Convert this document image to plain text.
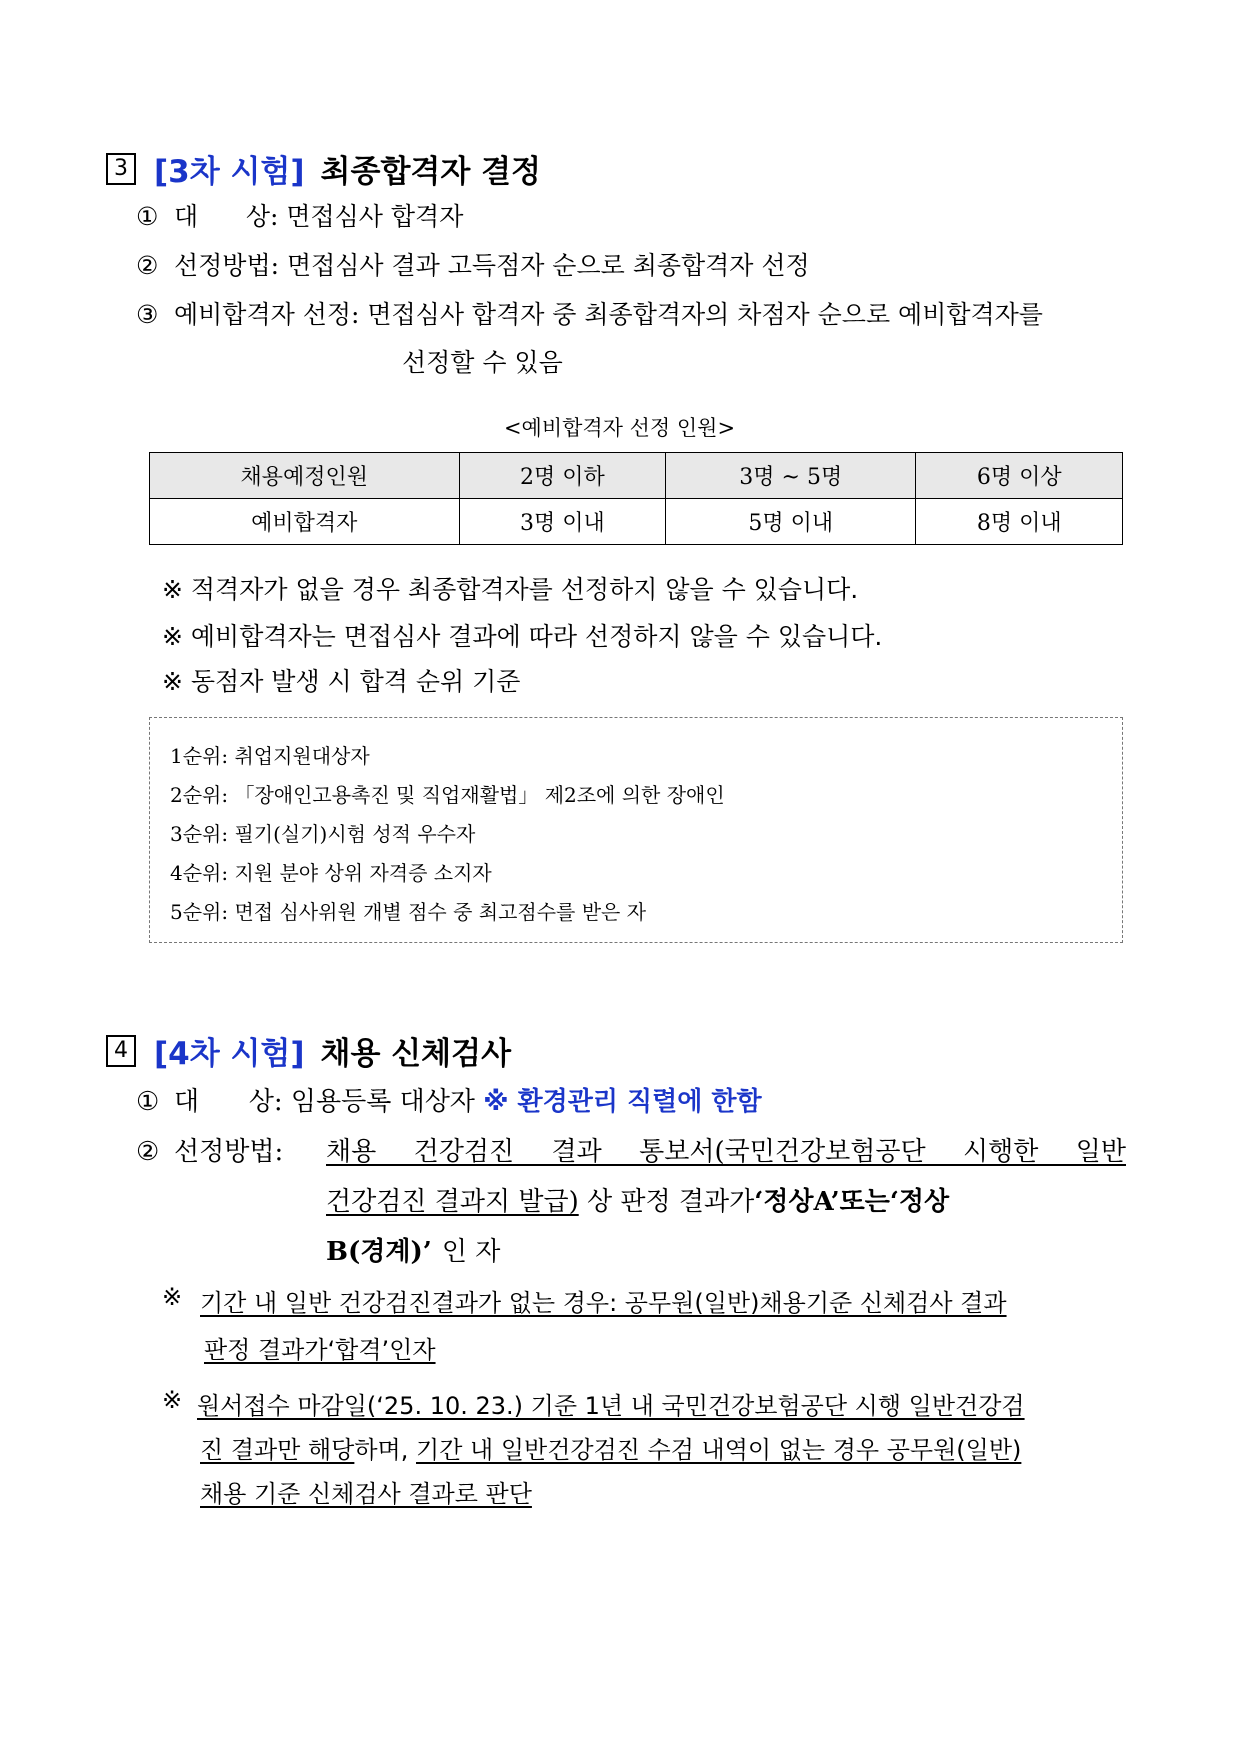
3 [3차 시험] 최종합격자 결정
① 대      상: 면접심사 합격자
② 선정방법: 면접심사 결과 고득점자 순으로 최종합격자 선정
③ 예비합격자 선정: 면접심사 합격자 중 최종합격자의 차점자 순으로 예비합격자를
선정할 수 있음
<예비합격자 선정 인원>
채용예정인원	2명 이하	3명 ~ 5명	6명 이상
예비합격자	3명 이내	5명 이내	8명 이내
※ 적격자가 없을 경우 최종합격자를 선정하지 않을 수 있습니다.
※ 예비합격자는 면접심사 결과에 따라 선정하지 않을 수 있습니다.
※ 동점자 발생 시 합격 순위 기준
1순위: 취업지원대상자
2순위: 「장애인고용촉진 및 직업재활법」 제2조에 의한 장애인
3순위: 필기(실기)시험 성적 우수자
4순위: 지원 분야 상위 자격증 소지자
5순위: 면접 심사위원 개별 점수 중 최고점수를 받은 자
4 [4차 시험] 채용 신체검사
① 대      상: 임용등록 대상자 ※ 환경관리 직렬에 한함
② 선정방법: 채용 건강검진 결과 통보서(국민건강보험공단 시행한 일반
건강검진 결과지 발급) 상 판정 결과가‘정상A’또는‘정상
B(경계)’ 인 자
※ 기간 내 일반 건강검진결과가 없는 경우: 공무원(일반)채용기준 신체검사 결과
판정 결과가‘합격’인자
※ 원서접수 마감일(‘25. 10. 23.) 기준 1년 내 국민건강보험공단 시행 일반건강검
진 결과만 해당하며, 기간 내 일반건강검진 수검 내역이 없는 경우 공무원(일반)
채용 기준 신체검사 결과로 판단
